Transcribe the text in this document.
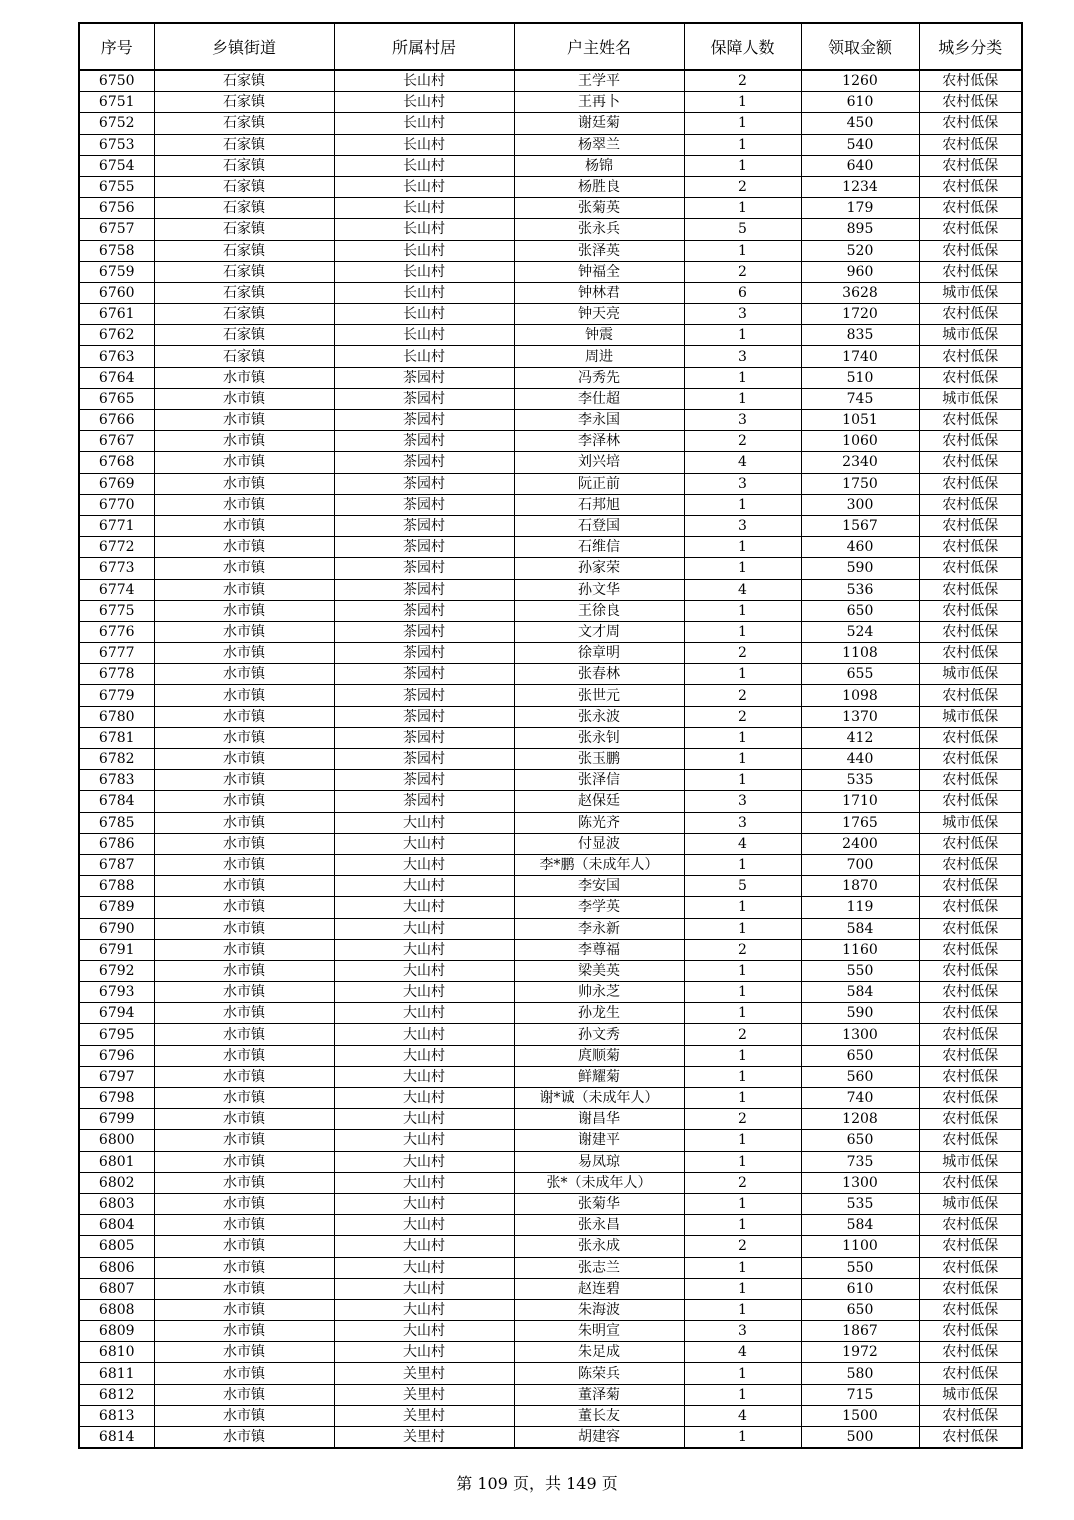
序号	乡镇街道	所属村居	户主姓名	保障人数	领取金额	城乡分类
6750	石家镇	长山村	王学平	2	1260	农村低保
6751	石家镇	长山村	王再卜	1	610	农村低保
6752	石家镇	长山村	谢廷菊	1	450	农村低保
6753	石家镇	长山村	杨翠兰	1	540	农村低保
6754	石家镇	长山村	杨锦	1	640	农村低保
6755	石家镇	长山村	杨胜良	2	1234	农村低保
6756	石家镇	长山村	张菊英	1	179	农村低保
6757	石家镇	长山村	张永兵	5	895	农村低保
6758	石家镇	长山村	张泽英	1	520	农村低保
6759	石家镇	长山村	钟福全	2	960	农村低保
6760	石家镇	长山村	钟林君	6	3628	城市低保
6761	石家镇	长山村	钟天亮	3	1720	农村低保
6762	石家镇	长山村	钟震	1	835	城市低保
6763	石家镇	长山村	周进	3	1740	农村低保
6764	水市镇	茶园村	冯秀先	1	510	农村低保
6765	水市镇	茶园村	李仕超	1	745	城市低保
6766	水市镇	茶园村	李永国	3	1051	农村低保
6767	水市镇	茶园村	李泽林	2	1060	农村低保
6768	水市镇	茶园村	刘兴培	4	2340	农村低保
6769	水市镇	茶园村	阮正前	3	1750	农村低保
6770	水市镇	茶园村	石邦旭	1	300	农村低保
6771	水市镇	茶园村	石登国	3	1567	农村低保
6772	水市镇	茶园村	石维信	1	460	农村低保
6773	水市镇	茶园村	孙家荣	1	590	农村低保
6774	水市镇	茶园村	孙文华	4	536	农村低保
6775	水市镇	茶园村	王徐良	1	650	农村低保
6776	水市镇	茶园村	文才周	1	524	农村低保
6777	水市镇	茶园村	徐章明	2	1108	农村低保
6778	水市镇	茶园村	张春林	1	655	城市低保
6779	水市镇	茶园村	张世元	2	1098	农村低保
6780	水市镇	茶园村	张永波	2	1370	城市低保
6781	水市镇	茶园村	张永钊	1	412	农村低保
6782	水市镇	茶园村	张玉鹏	1	440	农村低保
6783	水市镇	茶园村	张泽信	1	535	农村低保
6784	水市镇	茶园村	赵保廷	3	1710	农村低保
6785	水市镇	大山村	陈光齐	3	1765	城市低保
6786	水市镇	大山村	付显波	4	2400	农村低保
6787	水市镇	大山村	李*鹏（未成年人）	1	700	农村低保
6788	水市镇	大山村	李安国	5	1870	农村低保
6789	水市镇	大山村	李学英	1	119	农村低保
6790	水市镇	大山村	李永新	1	584	农村低保
6791	水市镇	大山村	李尊福	2	1160	农村低保
6792	水市镇	大山村	梁美英	1	550	农村低保
6793	水市镇	大山村	帅永芝	1	584	农村低保
6794	水市镇	大山村	孙龙生	1	590	农村低保
6795	水市镇	大山村	孙文秀	2	1300	农村低保
6796	水市镇	大山村	庹顺菊	1	650	农村低保
6797	水市镇	大山村	鲜耀菊	1	560	农村低保
6798	水市镇	大山村	谢*诚（未成年人）	1	740	农村低保
6799	水市镇	大山村	谢昌华	2	1208	农村低保
6800	水市镇	大山村	谢建平	1	650	农村低保
6801	水市镇	大山村	易凤琼	1	735	城市低保
6802	水市镇	大山村	张*（未成年人）	2	1300	农村低保
6803	水市镇	大山村	张菊华	1	535	城市低保
6804	水市镇	大山村	张永昌	1	584	农村低保
6805	水市镇	大山村	张永成	2	1100	农村低保
6806	水市镇	大山村	张志兰	1	550	农村低保
6807	水市镇	大山村	赵连碧	1	610	农村低保
6808	水市镇	大山村	朱海波	1	650	农村低保
6809	水市镇	大山村	朱明宣	3	1867	农村低保
6810	水市镇	大山村	朱足成	4	1972	农村低保
6811	水市镇	关里村	陈荣兵	1	580	农村低保
6812	水市镇	关里村	董泽菊	1	715	城市低保
6813	水市镇	关里村	董长友	4	1500	农村低保
6814	水市镇	关里村	胡建容	1	500	农村低保
第 109 页，共 149 页
